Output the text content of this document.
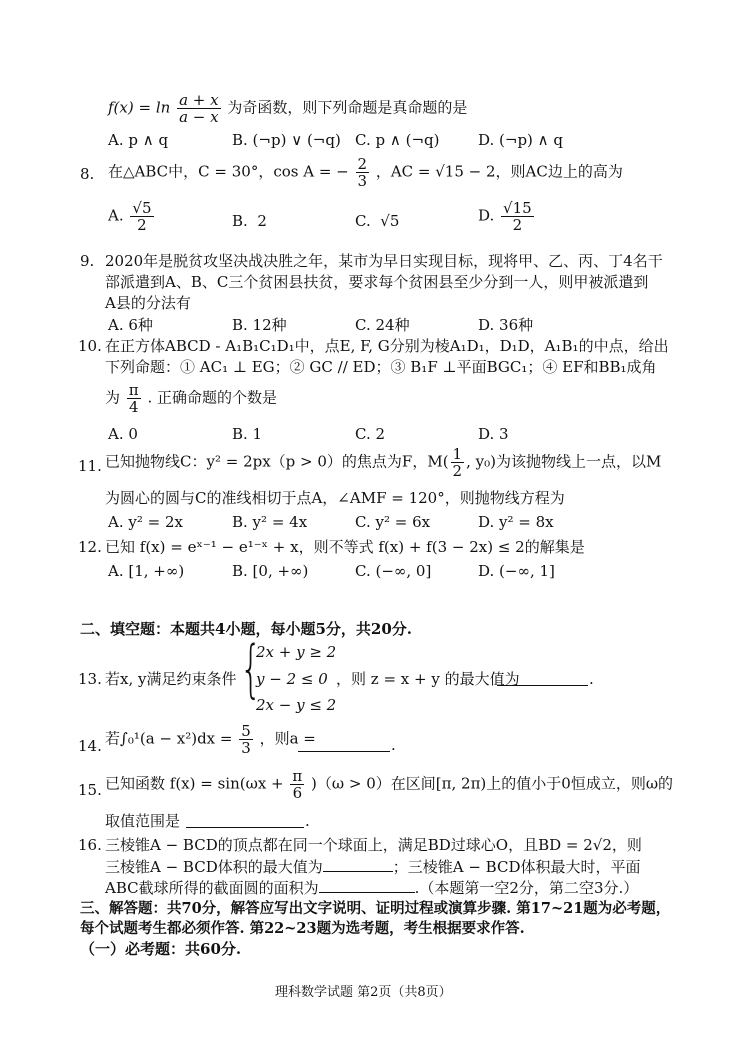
$f(x) = \ln \frac{a + x}{a - x}$ 为奇函数，则下列命题是真命题的是
A. p ∧ q	B. (¬p) ∨ (¬q) C. p ∧ (¬q)	D. (¬p) ∧ q
8. 在△ABC中，C = 30°，cos A = − $\frac{2}{3}$ ，AC = √15 − 2，则AC边上的高为
A. $\frac{√5}{2}$	B. 2	C. √5	D. $\frac{√15}{2}$
9. 2020年是脱贫攻坚决战决胜之年，某市为早日实现目标，现将甲、乙、丙、丁4名干
部派遣到A、B、C三个贫困县扶贫，要求每个贫困县至少分到一人，则甲被派遣到
A县的分法有
A. 6种	B. 12种	C. 24种	D. 36种
10. 在正方体ABCD - A₁B₁C₁D₁中，点E, F, G分别为棱A₁D₁，D₁D，A₁B₁的中点，给出
下列命题：① AC₁ ⊥ EG；② GC // ED；③ B₁F ⊥平面BGC₁；④ EF和BB₁成角
为 $\frac{\pi}{4}$ . 正确命题的个数是
A. 0	B. 1	C. 2	D. 3
11. 已知抛物线C：y² = 2px（p > 0）的焦点为F，$M( \frac{1}{2}$ , y₀)为该抛物线上一点，以M
为圆心的圆与C的准线相切于点A，∠AMF = 120°，则抛物线方程为
A. y² = 2x	B. y² = 4x	C. y² = 6x	D. y² = 8x
12. 已知 f(x) = eˣ⁻¹ − e¹⁻ˣ + x，则不等式 f(x) + f(3 − 2x) ≤ 2的解集是
A. [1, +∞)	B. [0, +∞)	C. (−∞, 0]	D. (−∞, 1]
二、填空题：本题共4小题，每小题5分，共20分.
13. 若x, y满足约束条件 {
2x + y ≥ 2
y − 2 ≤ 0
2x − y ≤ 2
，则 z = x + y 的最大值为	.
14. 若$\int_0^1(a - x^2)dx = \frac{5}{3}$ ，则a =	.
15. 已知函数 $f(x) = \sin(\omega x + \frac{\pi}{6} )(\omega > 0)$在区间[π, 2π)上的值小于0恒成立，则ω的
取值范围是	.
16. 三棱锥A − BCD的顶点都在同一个球面上，满足BD过球心O，且BD = 2√2，则
三棱锥A − BCD体积的最大值为	；三棱锥A − BCD体积最大时，平面
ABC截球所得的截面圆的面积为	.（本题第一空2分，第二空3分.）
三、解答题：共70分，解答应写出文字说明、证明过程或演算步骤. 第17~21题为必考题，
每个试题考生都必须作答. 第22~23题为选考题，考生根据要求作答.
（一）必考题：共60分.
理科数学试题 第2页（共8页）
